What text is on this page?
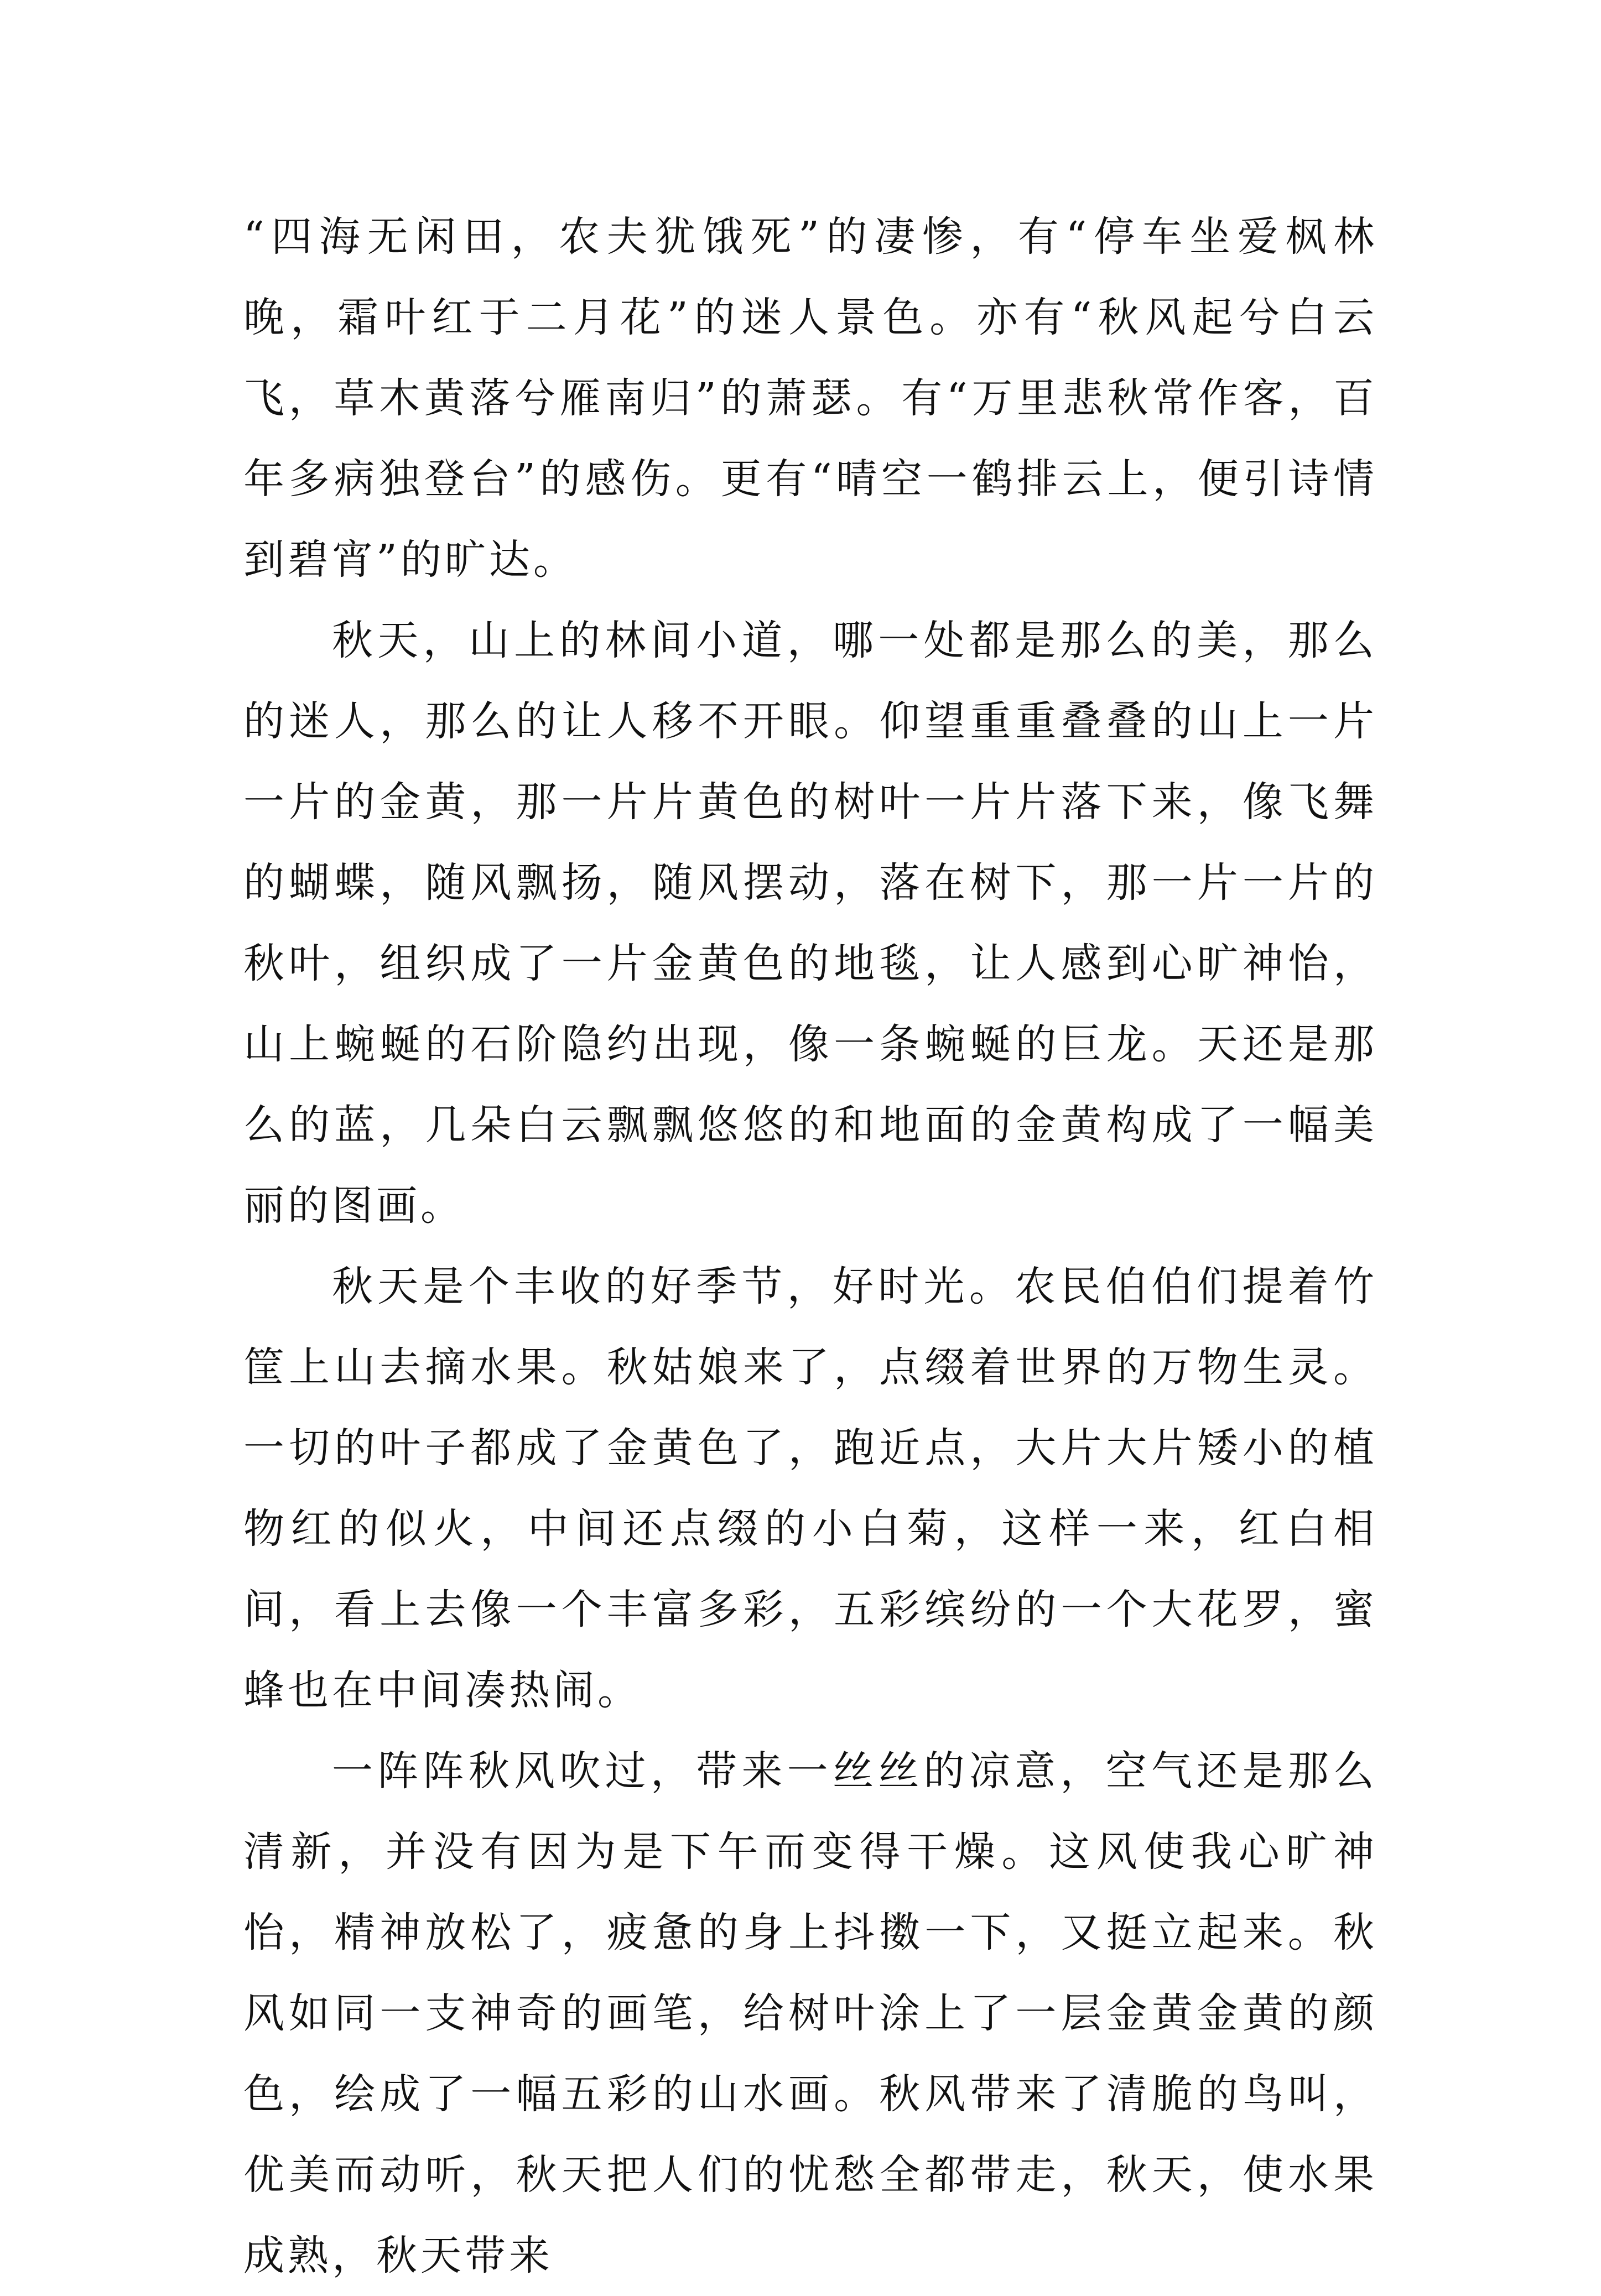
“四海无闲田，农夫犹饿死”的凄惨，有“停车坐爱枫林晚，霜叶红于二月花”的迷人景色。亦有“秋风起兮白云飞，草木黄落兮雁南归”的萧瑟。有“万里悲秋常作客，百年多病独登台”的感伤。更有“晴空一鹤排云上，便引诗情到碧宵”的旷达。

秋天，山上的林间小道，哪一处都是那么的美，那么的迷人，那么的让人移不开眼。仰望重重叠叠的山上一片一片的金黄，那一片片黄色的树叶一片片落下来，像飞舞的蝴蝶，随风飘扬，随风摆动，落在树下，那一片一片的秋叶，组织成了一片金黄色的地毯，让人感到心旷神怡，山上蜿蜒的石阶隐约出现，像一条蜿蜒的巨龙。天还是那么的蓝，几朵白云飘飘悠悠的和地面的金黄构成了一幅美丽的图画。

秋天是个丰收的好季节，好时光。农民伯伯们提着竹筐上山去摘水果。秋姑娘来了，点缀着世界的万物生灵。一切的叶子都成了金黄色了，跑近点，大片大片矮小的植物红的似火，中间还点缀的小白菊，这样一来，红白相间，看上去像一个丰富多彩，五彩缤纷的一个大花罗，蜜蜂也在中间凑热闹。

一阵阵秋风吹过，带来一丝丝的凉意，空气还是那么清新，并没有因为是下午而变得干燥。这风使我心旷神怡，精神放松了，疲惫的身上抖擞一下，又挺立起来。秋风如同一支神奇的画笔，给树叶涂上了一层金黄金黄的颜色，绘成了一幅五彩的山水画。秋风带来了清脆的鸟叫，优美而动听，秋天把人们的忧愁全都带走，秋天，使水果成熟，秋天带来
